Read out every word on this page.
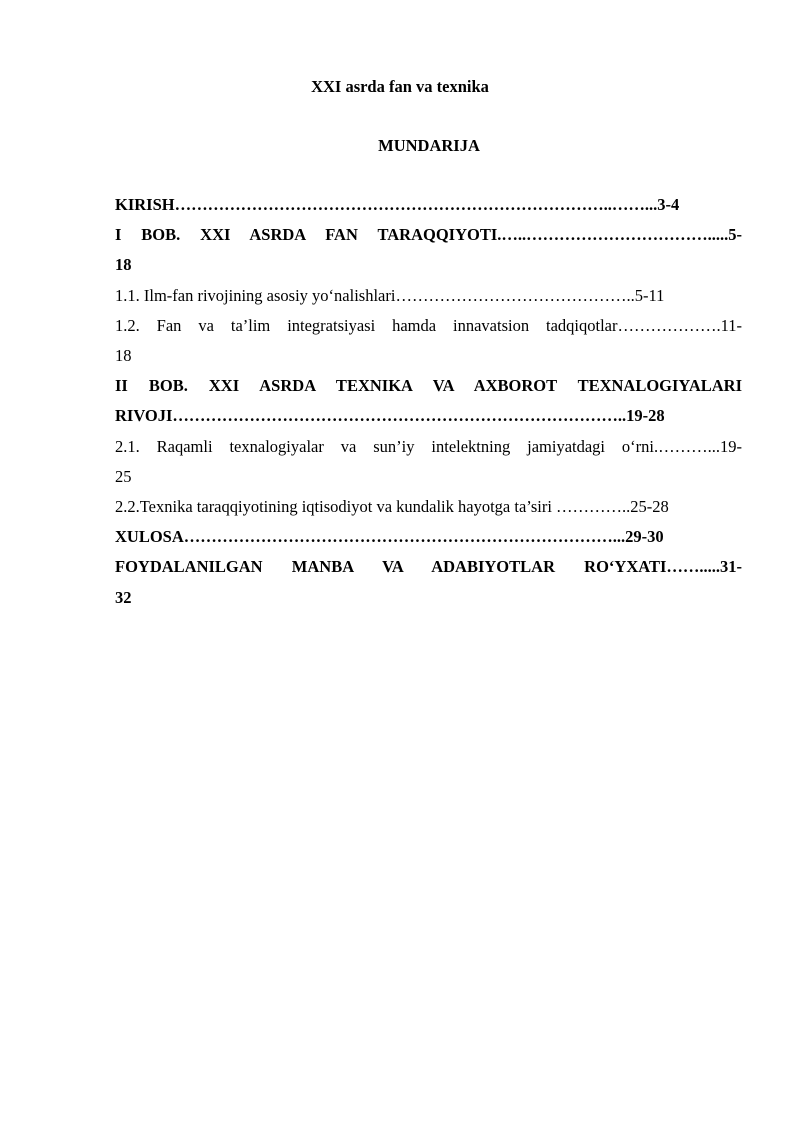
XXI asrda fan va texnika
MUNDARIJA
KIRISH……………………………………………………………………..……...3-4
I BOB. XXI ASRDA FAN TARAQQIYOTI.…..…………………………….....5-
18
1.1. Ilm-fan rivojining asosiy yo‘nalishlari……………………………………..5-11
1.2. Fan va ta’lim integratsiyasi hamda innavatsion tadqiqotlar……………….11-
18
II BOB. XXI ASRDA TEXNIKA VA AXBOROT TEXNALOGIYALARI
RIVOJI………………………………………………………………………..19-28
2.1. Raqamli texnalogiyalar va sun’iy intelektning jamiyatdagi o‘rni.………...19-
25
2.2.Texnika taraqqiyotining iqtisodiyot va kundalik hayotga ta’siri …………..25-28
XULOSA……………………………………………………………………...29-30
FOYDALANILGAN MANBA VA ADABIYOTLAR RO‘YXATI…….....31-
32
